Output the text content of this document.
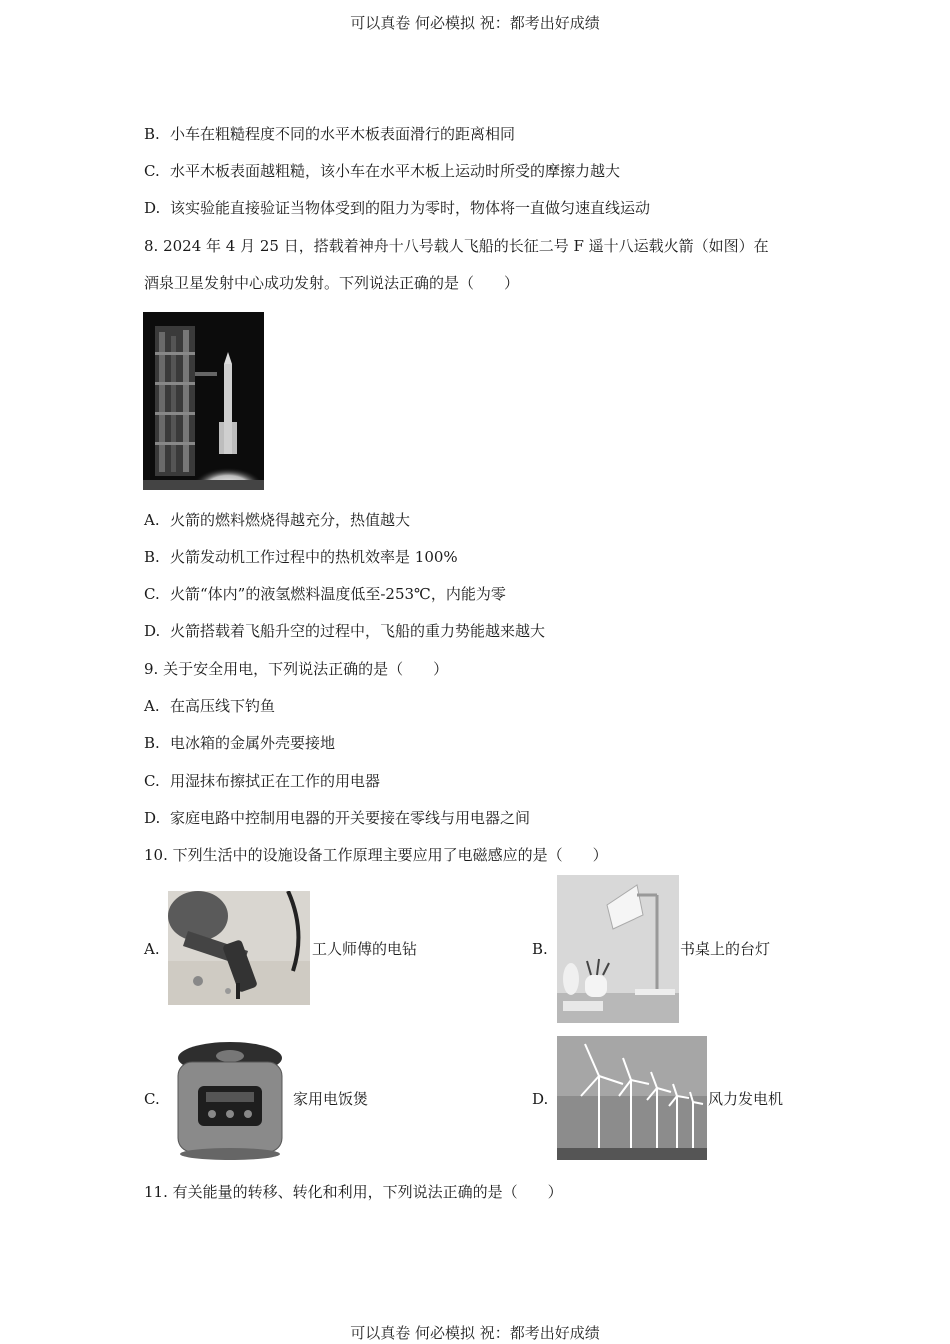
可以真卷 何必模拟 祝：都考出好成绩
B. 小车在粗糙程度不同的水平木板表面滑行的距离相同
C. 水平木板表面越粗糙，该小车在水平木板上运动时所受的摩擦力越大
D. 该实验能直接验证当物体受到的阻力为零时，物体将一直做匀速直线运动
8. 2024 年 4 月 25 日，搭载着神舟十八号载人飞船的长征二号 F 遥十八运载火箭（如图）在
酒泉卫星发射中心成功发射。下列说法正确的是（　　）
A. 火箭的燃料燃烧得越充分，热值越大
B. 火箭发动机工作过程中的热机效率是 100%
C. 火箭“体内”的液氢燃料温度低至-253℃，内能为零
D. 火箭搭载着飞船升空的过程中，飞船的重力势能越来越大
9. 关于安全用电，下列说法正确的是（　　）
A. 在高压线下钓鱼
B. 电冰箱的金属外壳要接地
C. 用湿抹布擦拭正在工作的用电器
D. 家庭电路中控制用电器的开关要接在零线与用电器之间
10. 下列生活中的设施设备工作原理主要应用了电磁感应的是（　　）
A.	工人师傅的电钻	B.	书桌上的台灯
C.	家用电饭煲	D.	风力发电机
11. 有关能量的转移、转化和利用，下列说法正确的是（　　）
可以真卷 何必模拟 祝：都考出好成绩
